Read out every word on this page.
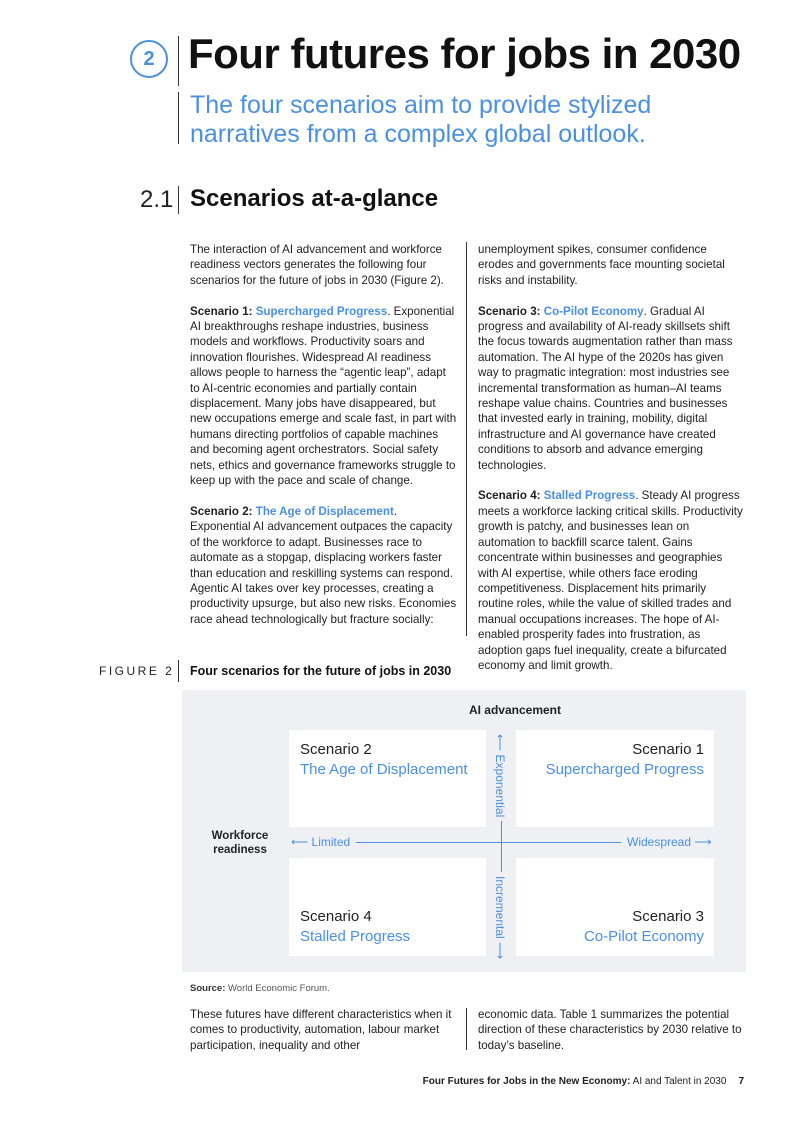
2 Four futures for jobs in 2030
The four scenarios aim to provide stylized narratives from a complex global outlook.
2.1 Scenarios at-a-glance

The interaction of AI advancement and workforce readiness vectors generates the following four scenarios for the future of jobs in 2030 (Figure 2).

Scenario 1: Supercharged Progress. Exponential AI breakthroughs reshape industries, business models and workflows. Productivity soars and innovation flourishes. Widespread AI readiness allows people to harness the “agentic leap”, adapt to AI-centric economies and partially contain displacement. Many jobs have disappeared, but new occupations emerge and scale fast, in part with humans directing portfolios of capable machines and becoming agent orchestrators. Social safety nets, ethics and governance frameworks struggle to keep up with the pace and scale of change.

Scenario 2: The Age of Displacement. Exponential AI advancement outpaces the capacity of the workforce to adapt. Businesses race to automate as a stopgap, displacing workers faster than education and reskilling systems can respond. Agentic AI takes over key processes, creating a productivity upsurge, but also new risks. Economies race ahead technologically but fracture socially:

unemployment spikes, consumer confidence erodes and governments face mounting societal risks and instability.

Scenario 3: Co-Pilot Economy. Gradual AI progress and availability of AI-ready skillsets shift the focus towards augmentation rather than mass automation. The AI hype of the 2020s has given way to pragmatic integration: most industries see incremental transformation as human–AI teams reshape value chains. Countries and businesses that invested early in training, mobility, digital infrastructure and AI governance have created conditions to absorb and advance emerging technologies.

Scenario 4: Stalled Progress. Steady AI progress meets a workforce lacking critical skills. Productivity growth is patchy, and businesses lean on automation to backfill scarce talent. Gains concentrate within businesses and geographies with AI expertise, while others face eroding competitiveness. Displacement hits primarily routine roles, while the value of skilled trades and manual occupations increases. The hope of AI-enabled prosperity fades into frustration, as adoption gaps fuel inequality, create a bifurcated economy and limit growth.

FIGURE 2 Four scenarios for the future of jobs in 2030
AI advancement
Scenario 2
The Age of Displacement
Scenario 1
Supercharged Progress
Scenario 4
Stalled Progress
Scenario 3
Co-Pilot Economy
⟵ Limited	Widespread ⟶
⟵ Exponential
Incremental ⟶
Workforce readiness
Source: World Economic Forum.
These futures have different characteristics when it comes to productivity, automation, labour market participation, inequality and other
economic data. Table 1 summarizes the potential direction of these characteristics by 2030 relative to today’s baseline.
Four Futures for Jobs in the New Economy: AI and Talent in 2030 7
